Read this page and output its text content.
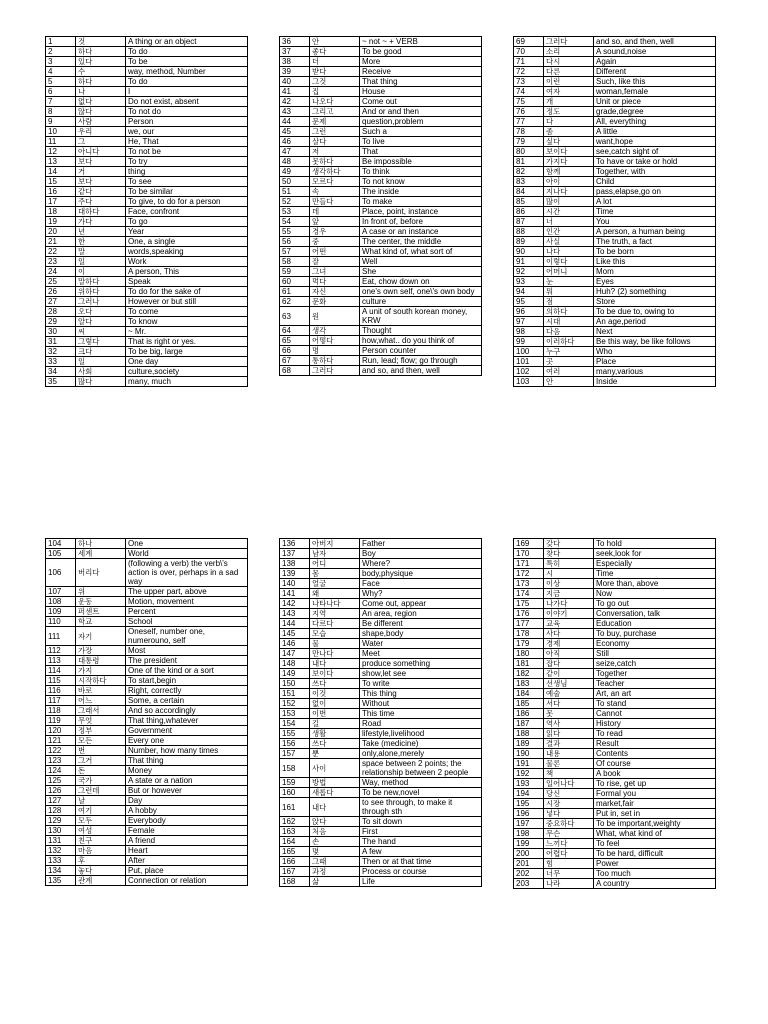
1	것	A thing or an object
2	하다	To do
3	있다	To be
4	수	way, method, Number
5	하다	To do
6	나	I
7	없다	Do not exist, absent
8	않다	To not do
9	사람	Person
10	우리	we, our
11	그	He, That
12	아니다	To not be
13	보다	To try
14	거	thing
15	보다	To see
16	같다	To be similar
17	주다	To give, to do for a person
18	대하다	Face, confront
19	가다	To go
20	년	Year
21	한	One, a single
22	말	words,speaking
23	일	Work
24	이	A person, This
25	말하다	Speak
26	위하다	To do for the sake of
27	그러나	However or but still
28	오다	To come
29	알다	To know
30	씨	~ Mr.
31	그렇다	That is right or yes.
32	크다	To be big, large
33	일	One day
34	사회	culture,society
35	많다	many, much
36	안	~ not ~ + VERB
37	좋다	To be good
38	더	More
39	받다	Receive
40	그것	That thing
41	집	House
42	나오다	Come out
43	그리고	And or and then
44	문제	question,problem
45	그런	Such a
46	살다	To live
47	저	That
48	못하다	Be impossible
49	생각하다	To think
50	모르다	To not know
51	속	The inside
52	만들다	To make
53	데	Place, point, instance
54	앞	In front of, before
55	경우	A case or an instance
56	중	The center, the middle
57	어떤	What kind of, what sort of
58	잘	Well
59	그녀	She
60	먹다	Eat, chow down on
61	자신	one's own self, one\'s own body
62	문화	culture
63	원	A unit of south korean money, KRW
64	생각	Thought
65	어떻다	how,what.. do you think of
66	명	Person counter
67	통하다	Run, lead; flow; go through
68	그러다	and so, and then, well
69	그러다	and so, and then, well
70	소리	A sound,noise
71	다시	Again
72	다른	Different
73	이런	Such, like this
74	여자	woman,female
75	개	Unit or piece
76	정도	grade,degree
77	다	All, everything
78	좀	A little
79	싶다	want,hope
80	보이다	see,catch sight of
81	가지다	To have or take or hold
82	함께	Together, with
83	아이	Child
84	지나다	pass,elapse,go on
85	많이	A lot
86	시간	Time
87	너	You
88	인간	A person, a human being
89	사실	The truth, a fact
90	나다	To be born
91	이렇다	Like this
92	어머니	Mom
93	눈	Eyes
94	뭐	Huh? (2) something
95	점	Store
96	의하다	To be due to, owing to
97	시대	An age,period
98	다음	Next
99	이러하다	Be this way, be like follows
100	누구	Who
101	곳	Place
102	여러	many,various
103	안	Inside
104	하나	One
105	세계	World
106	버리다	(following a verb) the verb\'s action is over, perhaps in a sad way
107	위	The upper part, above
108	운동	Motion, movement
109	퍼센트	Percent
110	학교	School
111	자기	Oneself, number one, numerouno, self
112	가장	Most
113	대통령	The president
114	가지	One of the kind or a sort
115	시작하다	To start,begin
116	바로	Right, correctly
117	어느	Some, a certain
118	그래서	And so accordingly
119	무엇	That thing,whatever
120	정부	Government
121	모든	Every one
122	번	Number, how many times
123	그거	That thing
124	돈	Money
125	국가	A state or a nation
126	그런데	But or however
127	날	Day
128	여기	A hobby
129	모두	Everybody
130	여성	Female
131	친구	A friend
132	마음	Heart
133	후	After
134	놓다	Put, place
135	관계	Connection or relation
136	아버지	Father
137	남자	Boy
138	어디	Where?
139	몸	body,physique
140	얼굴	Face
141	왜	Why?
142	나타나다	Come out, appear
143	지역	An area, region
144	다르다	Be different
145	모습	shape,body
146	물	Water
147	만나다	Meet
148	내다	produce something
149	보이다	show,let see
150	쓰다	To write
151	이것	This thing
152	없이	Without
153	이번	This time
154	길	Road
155	생활	lifestyle,livelihood
156	쓰다	Take (medicine)
157	뿐	only,alone,merely
158	사이	space between 2 points; the relationship between 2 people
159	방법	Way, method
160	새롭다	To be new,novel
161	내다	to see through, to make it through sth
162	앉다	To sit down
163	처음	First
164	손	The hand
165	몇	A few
166	그때	Then or at that time
167	과정	Process or course
168	삶	Life
169	갖다	To hold
170	찾다	seek,look for
171	특히	Especially
172	시	Time
173	이상	More than, above
174	지금	Now
175	나가다	To go out
176	이야기	Conversation, talk
177	교육	Education
178	사다	To buy, purchase
179	경제	Economy
180	아직	Still
181	잡다	seize,catch
182	같이	Together
183	선생님	Teacher
184	예술	Art, an art
185	서다	To stand
186	못	Cannot
187	역사	History
188	읽다	To read
189	결과	Result
190	내용	Contents
191	물론	Of course
192	책	A book
193	일어나다	To rise, get up
194	당신	Formal you
195	시장	market,fair
196	넣다	Put in, set in
197	중요하다	To be important,weighty
198	무슨	What, what kind of
199	느끼다	To feel
200	어렵다	To be hard, difficult
201	힘	Power
202	너무	Too much
203	나라	A country
